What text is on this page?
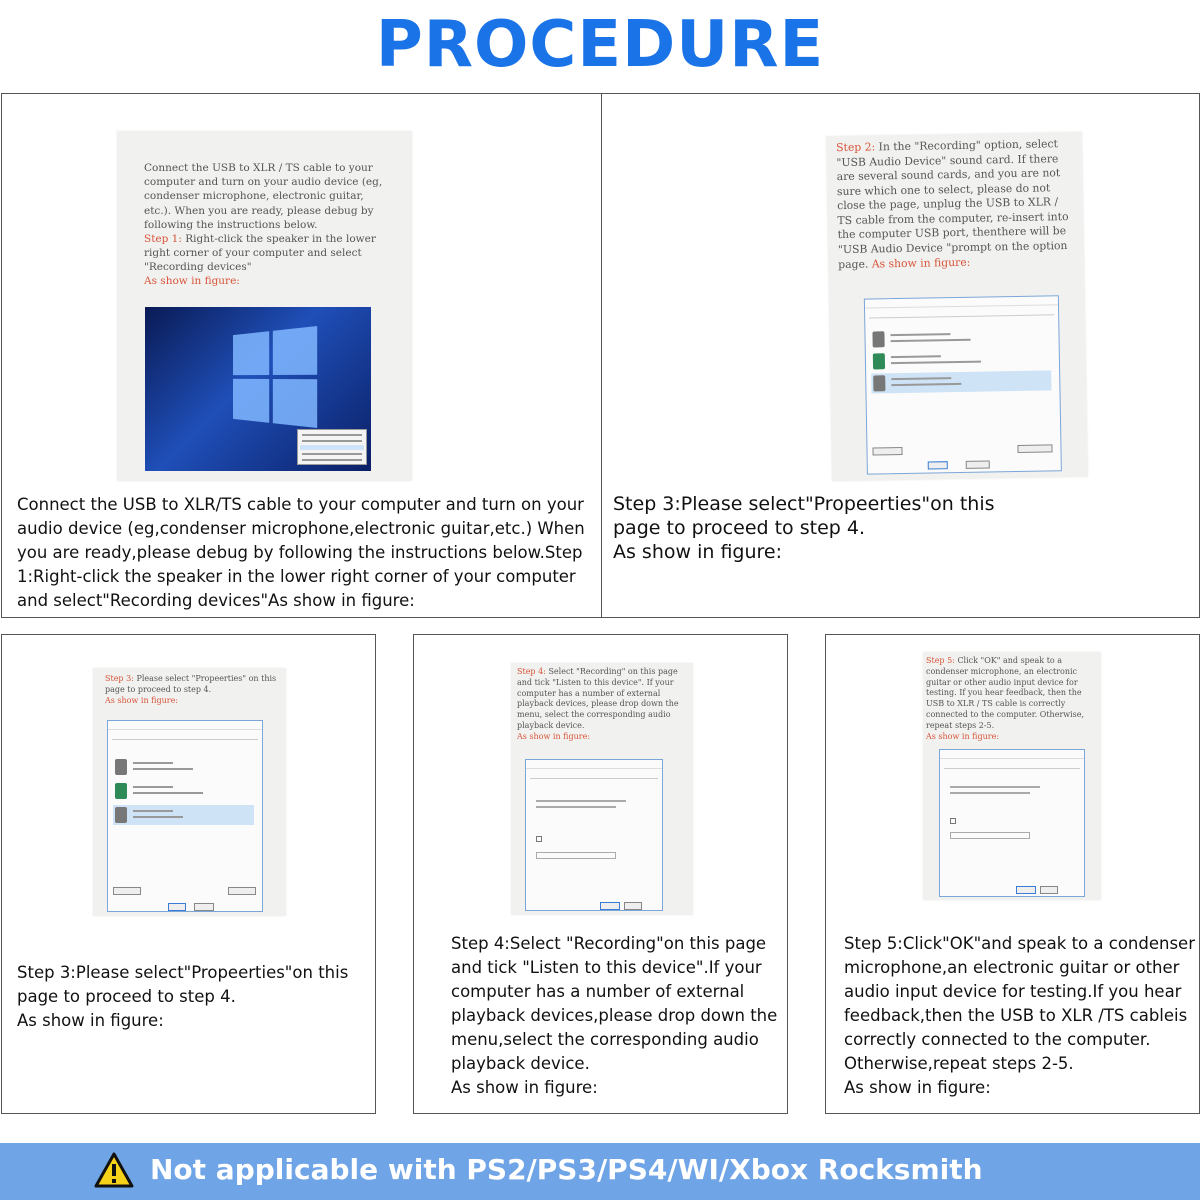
PROCEDURE

Connect the USB to XLR / TS cable to your computer and turn on your audio device (eg, condenser microphone, electronic guitar, etc.). When you are ready, please debug by following the instructions below.

Step 1: Right-click the speaker in the lower right corner of your computer and select "Recording devices"

As show in figure:

Connect the USB to XLR/TS cable to your computer and turn on your audio device (eg,condenser microphone,electronic guitar,etc.) When you are ready,please debug by following the instructions below.Step 1:Right-click the speaker in the lower right corner of your computer and select"Recording devices"As show in figure:

Step 2: In the "Recording" option, select "USB Audio Device" sound card. If there are several sound cards, and you are not sure which one to select, please do not close the page, unplug the USB to XLR / TS cable from the computer, re-insert into the computer USB port, thenthere will be "USB Audio Device "prompt on the option page. As show in figure:

Step 3:Please select"Propeerties"on this
page to proceed to step 4.
As show in figure:

Step 3: Please select "Propeerties" on this page to proceed to step 4.

As show in figure:

Step 3:Please select"Propeerties"on this
page to proceed to step 4.
As show in figure:

Step 4: Select "Recording" on this page and tick "Listen to this device". If your computer has a number of external playback devices, please drop down the menu, select the corresponding audio playback device.

As show in figure:

Step 4:Select "Recording"on this page
and tick "Listen to this device".If your
computer has a number of external
playback devices,please drop down the
menu,select the corresponding audio
playback device.
As show in figure:

Step 5: Click "OK" and speak to a condenser microphone, an electronic guitar or other audio input device for testing. If you hear feedback, then the USB to XLR / TS cable is correctly connected to the computer. Otherwise, repeat steps 2-5.

As show in figure:

Step 5:Click"OK"and speak to a condenser
microphone,an electronic guitar or other
audio input device for testing.If you hear
feedback,then the USB to XLR /TS cableis
correctly connected to the computer.
Otherwise,repeat steps 2-5.
As show in figure:
Not applicable with PS2/PS3/PS4/WI/Xbox Rocksmith
